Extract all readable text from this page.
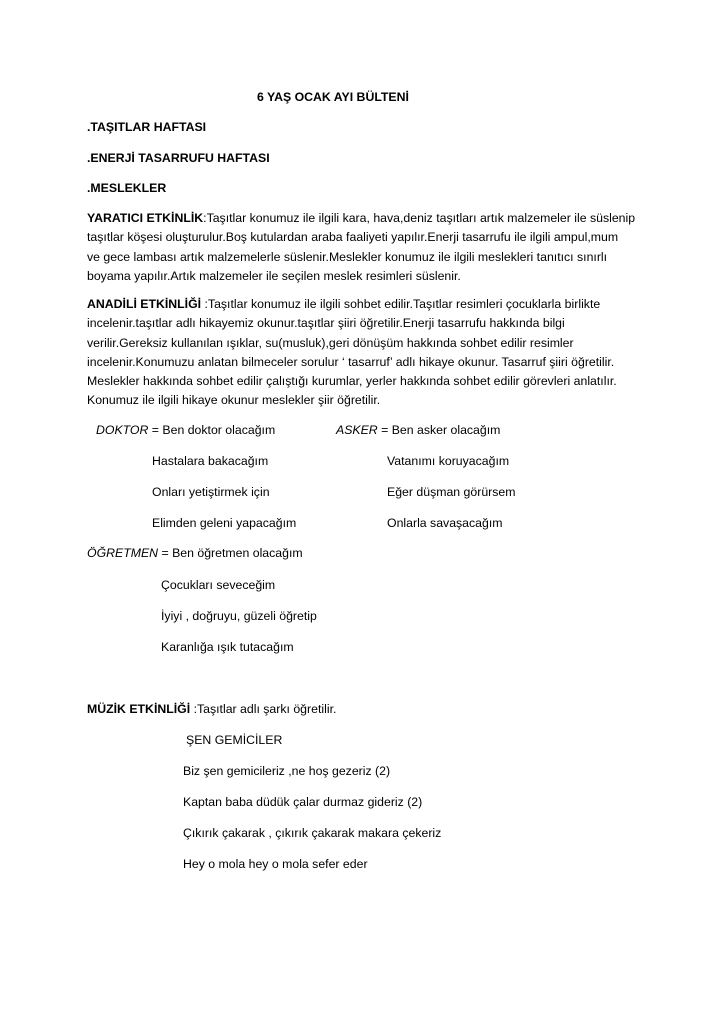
6 YAŞ OCAK AYI BÜLTENİ
.TAŞITLAR HAFTASI
.ENERJİ TASARRUFU HAFTASI
.MESLEKLER
YARATICI ETKİNLİK:Taşıtlar konumuz ile ilgili kara, hava,deniz taşıtları artık malzemeler ile süslenip
taşıtlar köşesi oluşturulur.Boş kutulardan araba faaliyeti yapılır.Enerji tasarrufu ile ilgili ampul,mum
ve gece lambası artık malzemelerle süslenir.Meslekler konumuz ile ilgili meslekleri tanıtıcı sınırlı
boyama yapılır.Artık malzemeler ile seçilen meslek resimleri süslenir.
ANADİLİ ETKİNLİĞİ :Taşıtlar konumuz ile ilgili sohbet edilir.Taşıtlar resimleri çocuklarla birlikte
incelenir.taşıtlar adlı hikayemiz okunur.taşıtlar şiiri öğretilir.Enerji tasarrufu hakkında bilgi
verilir.Gereksiz kullanılan ışıklar, su(musluk),geri dönüşüm hakkında sohbet edilir resimler
incelenir.Konumuzu anlatan bilmeceler sorulur ‘ tasarruf’ adlı hikaye okunur. Tasarruf şiiri öğretilir.
Meslekler hakkında sohbet edilir çalıştığı kurumlar, yerler hakkında sohbet edilir görevleri anlatılır.
Konumuz ile ilgili hikaye okunur meslekler şiir öğretilir.
DOKTOR = Ben doktor olacağım
Hastalara bakacağım
Onları yetiştirmek için
Elimden geleni yapacağım
ASKER = Ben asker olacağım
Vatanımı koruyacağım
Eğer düşman görürsem
Onlarla savaşacağım
ÖĞRETMEN = Ben öğretmen olacağım
Çocukları seveceğim
İyiyi , doğruyu, güzeli öğretip
Karanlığa ışık tutacağım
MÜZİK ETKİNLİĞİ :Taşıtlar adlı şarkı öğretilir.
ŞEN GEMİCİLER
Biz şen gemicileriz ,ne hoş gezeriz (2)
Kaptan baba düdük çalar durmaz gideriz (2)
Çıkırık çakarak , çıkırık çakarak makara çekeriz
Hey o mola hey o mola sefer eder
